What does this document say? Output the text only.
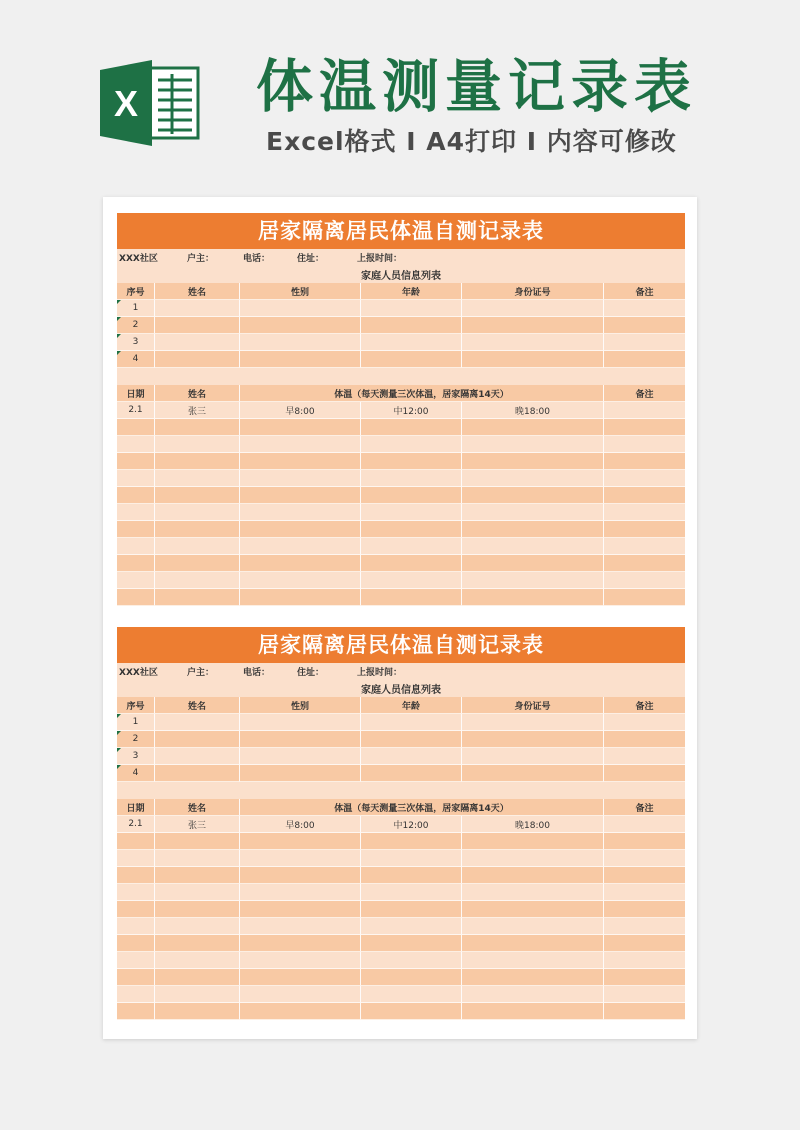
X 体温测量记录表
Excel格式 Ⅰ A4打印 Ⅰ 内容可修改
居家隔离居民体温自测记录表
XXX社区	户主：	电话：	住址：	上报时间：
家庭人员信息列表
序号	姓名	性别	年龄	身份证号	备注
1
2
3
4
日期	姓名	体温（每天测量三次体温，居家隔离14天）	备注
2.1	张三	早8:00	中12:00	晚18:00
居家隔离居民体温自测记录表
XXX社区	户主：	电话：	住址：	上报时间：
家庭人员信息列表
序号	姓名	性别	年龄	身份证号	备注
1
2
3
4
日期	姓名	体温（每天测量三次体温，居家隔离14天）	备注
2.1	张三	早8:00	中12:00	晚18:00
